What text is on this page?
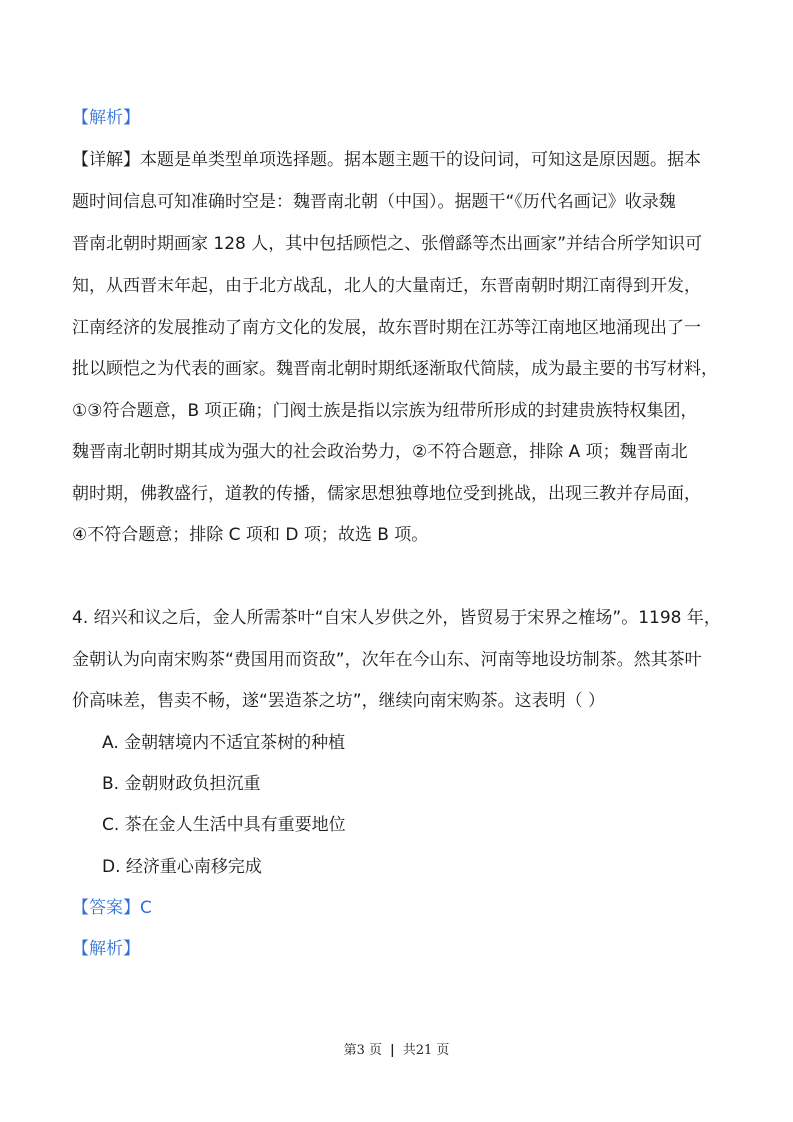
【解析】
【详解】本题是单类型单项选择题。据本题主题干的设问词，可知这是原因题。据本
题时间信息可知准确时空是：魏晋南北朝（中国）。据题干“《历代名画记》收录魏
晋南北朝时期画家 128 人，其中包括顾恺之、张僧繇等杰出画家”并结合所学知识可
知，从西晋末年起，由于北方战乱，北人的大量南迁，东晋南朝时期江南得到开发，
江南经济的发展推动了南方文化的发展，故东晋时期在江苏等江南地区地涌现出了一
批以顾恺之为代表的画家。魏晋南北朝时期纸逐渐取代简牍，成为最主要的书写材料，
①③符合题意，B 项正确；门阀士族是指以宗族为纽带所形成的封建贵族特权集团，
魏晋南北朝时期其成为强大的社会政治势力，②不符合题意，排除 A 项；魏晋南北
朝时期，佛教盛行，道教的传播，儒家思想独尊地位受到挑战，出现三教并存局面，
④不符合题意；排除 C 项和 D 项；故选 B 项。
4. 绍兴和议之后，金人所需茶叶“自宋人岁供之外，皆贸易于宋界之榷场”。1198 年，
金朝认为向南宋购茶“费国用而资敌”，次年在今山东、河南等地设坊制茶。然其茶叶
价高味差，售卖不畅，遂“罢造茶之坊”，继续向南宋购茶。这表明（ ）
A. 金朝辖境内不适宜茶树的种植
B. 金朝财政负担沉重
C. 茶在金人生活中具有重要地位
D. 经济重心南移完成
【答案】C
【解析】
第3 页 | 共21 页
